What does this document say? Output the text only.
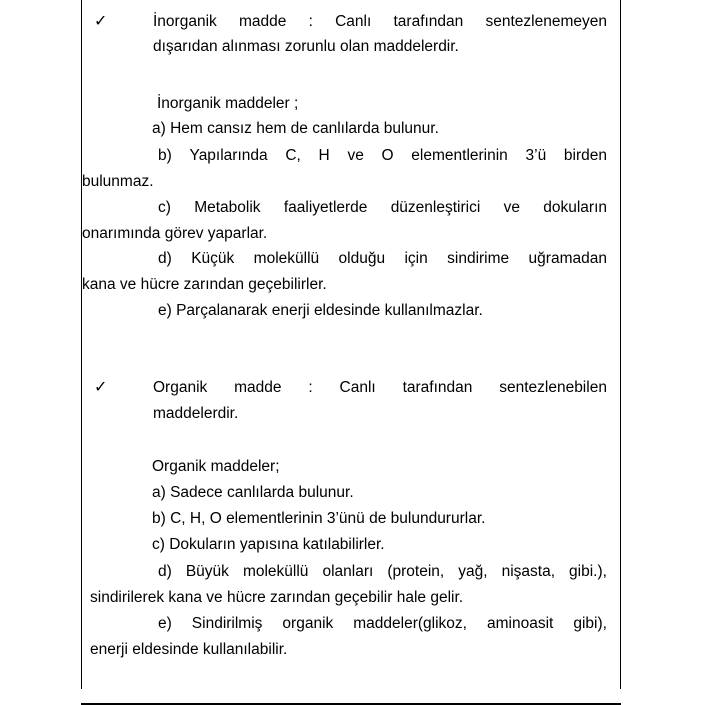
✓	İnorganik madde : Canlı tarafından sentezlenemeyen
dışarıdan alınması zorunlu olan maddelerdir.
İnorganik maddeler ;
a) Hem cansız hem de canlılarda bulunur.
b) Yapılarında C, H ve O elementlerinin 3’ü birden
bulunmaz.
c) Metabolik faaliyetlerde düzenleştirici ve dokuların
onarımında görev yaparlar.
d) Küçük moleküllü olduğu için sindirime uğramadan
kana ve hücre zarından geçebilirler.
e) Parçalanarak enerji eldesinde kullanılmazlar.
✓	Organik madde : Canlı tarafından sentezlenebilen
maddelerdir.
Organik maddeler;
a) Sadece canlılarda bulunur.
b) C, H, O elementlerinin 3’ünü de bulundururlar.
c) Dokuların yapısına katılabilirler.
d) Büyük moleküllü olanları (protein, yağ, nişasta, gibi.),
sindirilerek kana ve hücre zarından geçebilir hale gelir.
e) Sindirilmiş organik maddeler(glikoz, aminoasit gibi),
enerji eldesinde kullanılabilir.
